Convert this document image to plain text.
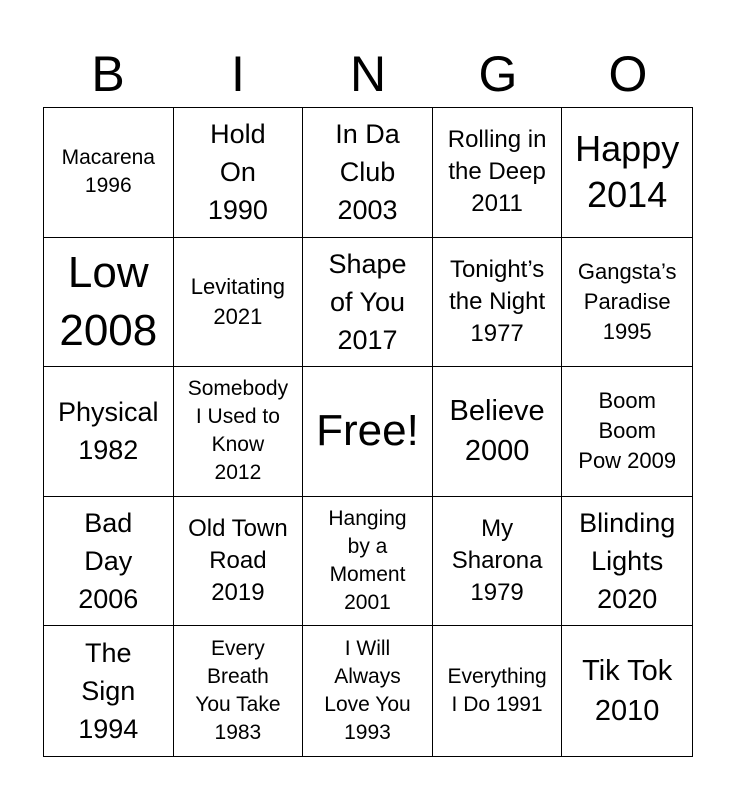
B	I	N	G	O
Macarena
1996
Hold
On
1990
In Da
Club
2003
Rolling in
the Deep
2011
Happy
2014
Low
2008
Levitating
2021
Shape
of You
2017
Tonight’s
the Night
1977
Gangsta’s
Paradise
1995
Physical
1982
Somebody
I Used to
Know
2012
Free! Believe
2000
Boom
Boom
Pow 2009
Bad
Day
2006
Old Town
Road
2019
Hanging
by a
Moment
2001
My
Sharona
1979
Blinding
Lights
2020
The
Sign
1994
Every
Breath
You Take
1983
I Will
Always
Love You
1993
Everything
I Do 1991
Tik Tok
2010
